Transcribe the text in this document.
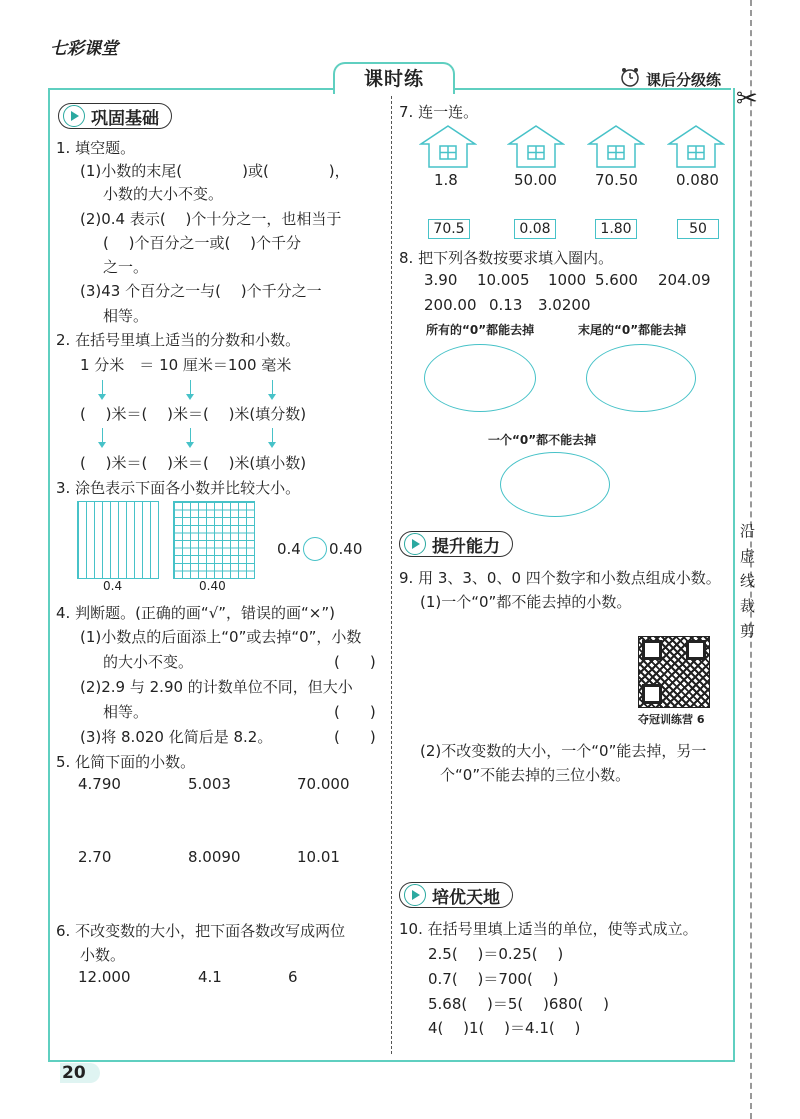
七彩课堂
课时练	课后分级练
✂
巩固基础
1. 填空题。
(1)小数的末尾(　　　　)或(　　　　)，
小数的大小不变。
(2)0.4 表示(　 )个十分之一，也相当于
(　 )个百分之一或(　 )个千分
之一。
(3)43 个百分之一与(　 )个千分之一
相等。
2. 在括号里填上适当的分数和小数。
1 分米　＝ 10 厘米＝100 毫米
(　 )米＝(　 )米＝(　 )米(填分数)
(　 )米＝(　 )米＝(　 )米(填小数)
3. 涂色表示下面各小数并比较大小。
0.4	0.40
0.4 0.40
4. 判断题。(正确的画“√”，错误的画“×”)
(1)小数点的后面添上“0”或去掉“0”，小数
的大小不变。	(　　)
(2)2.9 与 2.90 的计数单位不同，但大小
相等。	(　　)
(3)将 8.020 化简后是 8.2。	(　　)
5. 化简下面的小数。
4.790	5.003	70.000
2.70	8.0090	10.01
6. 不改变数的大小，把下面各数改写成两位
小数。
12.000	4.1	6
7. 连一连。
1.8	50.00	70.50	0.080
70.5	0.08	1.80	50
8. 把下列各数按要求填入圈内。
3.90 10.005 1000 5.600 204.09
200.00 0.13 3.0200
所有的“0”都能去掉	末尾的“0”都能去掉
一个“0”都不能去掉
提升能力
9. 用 3、3、0、0 四个数字和小数点组成小数。
(1)一个“0”都不能去掉的小数。
夺冠训练营 6
(2)不改变数的大小，一个“0”能去掉，另一
个“0”不能去掉的三位小数。
培优天地
10. 在括号里填上适当的单位，使等式成立。
2.5(　 )＝0.25(　 )
0.7(　 )＝700(　 )
5.68(　 )＝5(　 )680(　 )
4(　 )1(　 )＝4.1(　 )
沿
虚
线
裁
剪
20
